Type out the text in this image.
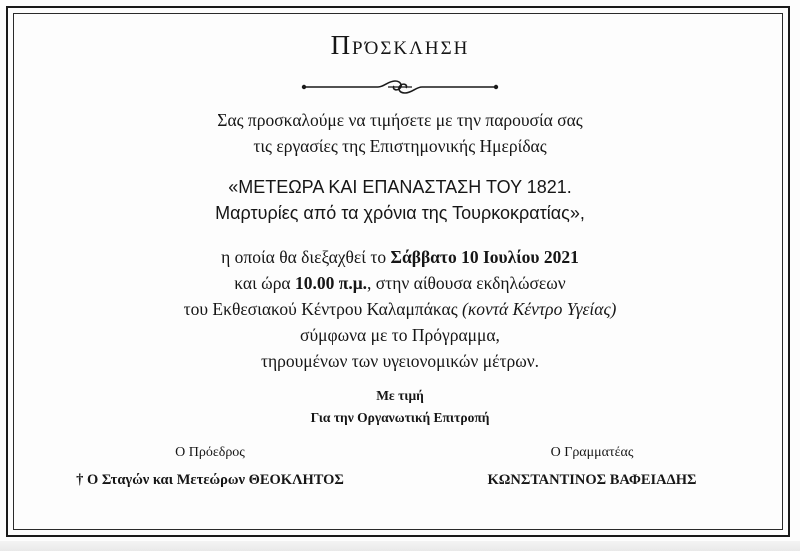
Πρόσκληση
Σας προσκαλούμε να τιμήσετε με την παρουσία σας
τις εργασίες της Επιστημονικής Ημερίδας
«ΜΕΤΕΩΡΑ ΚΑΙ ΕΠΑΝΑΣΤΑΣΗ ΤΟΥ 1821.
Μαρτυρίες από τα χρόνια της Τουρκοκρατίας»,
η οποία θα διεξαχθεί το Σάββατο 10 Ιουλίου 2021
και ώρα 10.00 π.μ., στην αίθουσα εκδηλώσεων
του Εκθεσιακού Κέντρου Καλαμπάκας (κοντά Κέντρο Υγείας)
σύμφωνα με το Πρόγραμμα,
τηρουμένων των υγειονομικών μέτρων.
Με τιμή
Για την Οργανωτική Επιτροπή
Ο Πρόεδρος
† Ο Σταγών και Μετεώρων ΘΕΟΚΛΗΤΟΣ
Ο Γραμματέας
ΚΩΝΣΤΑΝΤΙΝΟΣ ΒΑΦΕΙΑΔΗΣ
